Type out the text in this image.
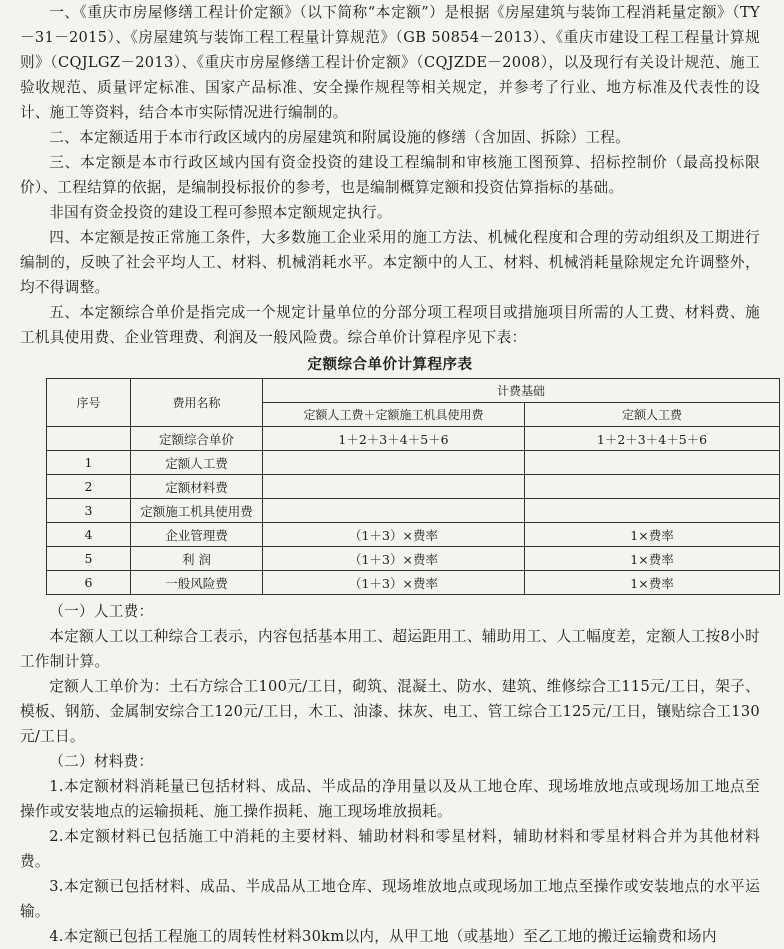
一、《重庆市房屋修缮工程计价定额》（以下简称“本定额”）是根据《房屋建筑与装饰工程消耗量定额》（TY－31－2015）、《房屋建筑与装饰工程工程量计算规范》（GB 50854－2013）、《重庆市建设工程工程量计算规则》（CQJLGZ－2013）、《重庆市房屋修缮工程计价定额》（CQJZDE－2008），以及现行有关设计规范、施工验收规范、质量评定标准、国家产品标准、安全操作规程等相关规定，并参考了行业、地方标准及代表性的设计、施工等资料，结合本市实际情况进行编制的。

二、本定额适用于本市行政区域内的房屋建筑和附属设施的修缮（含加固、拆除）工程。

三、本定额是本市行政区域内国有资金投资的建设工程编制和审核施工图预算、招标控制价（最高投标限价）、工程结算的依据，是编制投标报价的参考，也是编制概算定额和投资估算指标的基础。

非国有资金投资的建设工程可参照本定额规定执行。

四、本定额是按正常施工条件，大多数施工企业采用的施工方法、机械化程度和合理的劳动组织及工期进行编制的，反映了社会平均人工、材料、机械消耗水平。本定额中的人工、材料、机械消耗量除规定允许调整外，均不得调整。

五、本定额综合单价是指完成一个规定计量单位的分部分项工程项目或措施项目所需的人工费、材料费、施工机具使用费、企业管理费、利润及一般风险费。综合单价计算程序见下表：

定额综合单价计算程序表
序号	费用名称	计费基础	
		定额人工费＋定额施工机具使用费	定额人工费
	定额综合单价	1＋2＋3＋4＋5＋6	1＋2＋3＋4＋5＋6
1	定额人工费		
2	定额材料费		
3	定额施工机具使用费		
4	企业管理费	（1＋3）×费率	1×费率
5	利 润	（1＋3）×费率	1×费率
6	一般风险费	（1＋3）×费率	1×费率

（一）人工费：

本定额人工以工种综合工表示，内容包括基本用工、超运距用工、辅助用工、人工幅度差，定额人工按8小时工作制计算。

定额人工单价为：土石方综合工100元/工日，砌筑、混凝土、防水、建筑、维修综合工115元/工日，架子、模板、钢筋、金属制安综合工120元/工日，木工、油漆、抹灰、电工、管工综合工125元/工日，镶贴综合工130元/工日。

（二）材料费：

1.本定额材料消耗量已包括材料、成品、半成品的净用量以及从工地仓库、现场堆放地点或现场加工地点至操作或安装地点的运输损耗、施工操作损耗、施工现场堆放损耗。

2.本定额材料已包括施工中消耗的主要材料、辅助材料和零星材料，辅助材料和零星材料合并为其他材料费。

3.本定额已包括材料、成品、半成品从工地仓库、现场堆放地点或现场加工地点至操作或安装地点的水平运输。

4.本定额已包括工程施工的周转性材料30km以内，从甲工地（或基地）至乙工地的搬迁运输费和场内
